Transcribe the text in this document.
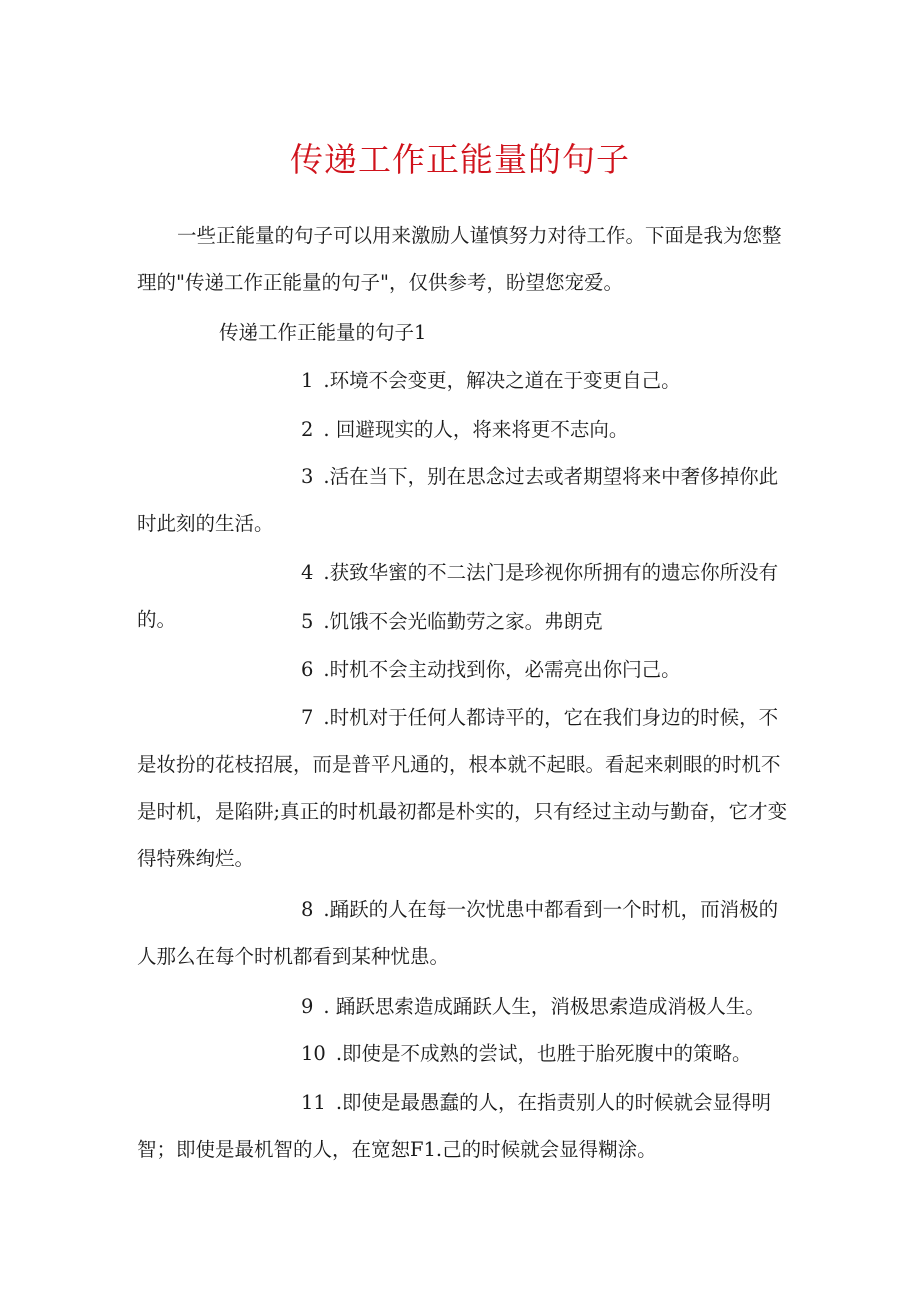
传递工作正能量的句子

一些正能量的句子可以用来激励人谨慎努力对待工作。下面是我为您整理的"传递工作正能量的句子"，仅供参考，盼望您宠爱。

传递工作正能量的句子1

1 .环境不会变更，解决之道在于变更自己。

2 . 回避现实的人，将来将更不志向。

3 .活在当下，别在思念过去或者期望将来中奢侈掉你此时此刻的生活。

4 .获致华蜜的不二法门是珍视你所拥有的遗忘你所没有的。	5 .饥饿不会光临勤劳之家。弗朗克

6 .时机不会主动找到你，必需亮出你闩己。

7 .时机对于任何人都诗平的，它在我们身边的时候，不是妆扮的花枝招展，而是普平凡通的，根本就不起眼。看起来刺眼的时机不是时机，是陷阱;真正的时机最初都是朴实的，只有经过主动与勤奋，它才变得特殊绚烂。

8 .踊跃的人在每一次忧患中都看到一个时机，而消极的人那么在每个时机都看到某种忧患。

9 . 踊跃思索造成踊跃人生，消极思索造成消极人生。

10 .即使是不成熟的尝试，也胜于胎死腹中的策略。

11 .即使是最愚蠢的人，在指责别人的时候就会显得明智；即使是最机智的人，在宽恕F1.己的时候就会显得糊涂。
